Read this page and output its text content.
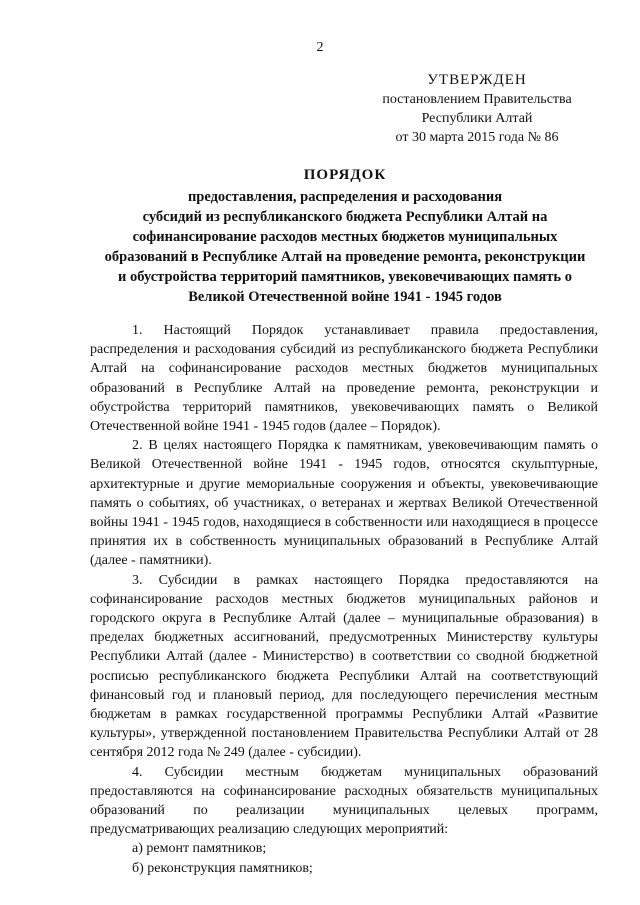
2
УТВЕРЖДЕН
постановлением Правительства
Республики Алтай
от 30 марта 2015 года № 86
ПОРЯДОК
предоставления, распределения и расходования
субсидий из республиканского бюджета Республики Алтай на
софинансирование расходов местных бюджетов муниципальных
образований в Республике Алтай на проведение ремонта, реконструкции
и обустройства территорий памятников, увековечивающих память о
Великой Отечественной войне 1941 - 1945 годов

1. Настоящий Порядок устанавливает правила предоставления, распределения и расходования субсидий из республиканского бюджета Республики Алтай на софинансирование расходов местных бюджетов муниципальных образований в Республике Алтай на проведение ремонта, реконструкции и обустройства территорий памятников, увековечивающих память о Великой Отечественной войне 1941 - 1945 годов (далее – Порядок).

2. В целях настоящего Порядка к памятникам, увековечивающим память о Великой Отечественной войне 1941 - 1945 годов, относятся скульптурные, архитектурные и другие мемориальные сооружения и объекты, увековечивающие память о событиях, об участниках, о ветеранах и жертвах Великой Отечественной войны 1941 - 1945 годов, находящиеся в собственности или находящиеся в процессе принятия их в собственность муниципальных образований в Республике Алтай (далее - памятники).

3. Субсидии в рамках настоящего Порядка предоставляются на софинансирование расходов местных бюджетов муниципальных районов и городского округа в Республике Алтай (далее – муниципальные образования) в пределах бюджетных ассигнований, предусмотренных Министерству культуры Республики Алтай (далее - Министерство) в соответствии со сводной бюджетной росписью республиканского бюджета Республики Алтай на соответствующий финансовый год и плановый период, для последующего перечисления местным бюджетам в рамках государственной программы Республики Алтай «Развитие культуры», утвержденной постановлением Правительства Республики Алтай от 28 сентября 2012 года № 249 (далее - субсидии).

4. Субсидии местным бюджетам муниципальных образований предоставляются на софинансирование расходных обязательств муниципальных образований по реализации муниципальных целевых программ, предусматривающих реализацию следующих мероприятий:

а) ремонт памятников;

б) реконструкция памятников;
